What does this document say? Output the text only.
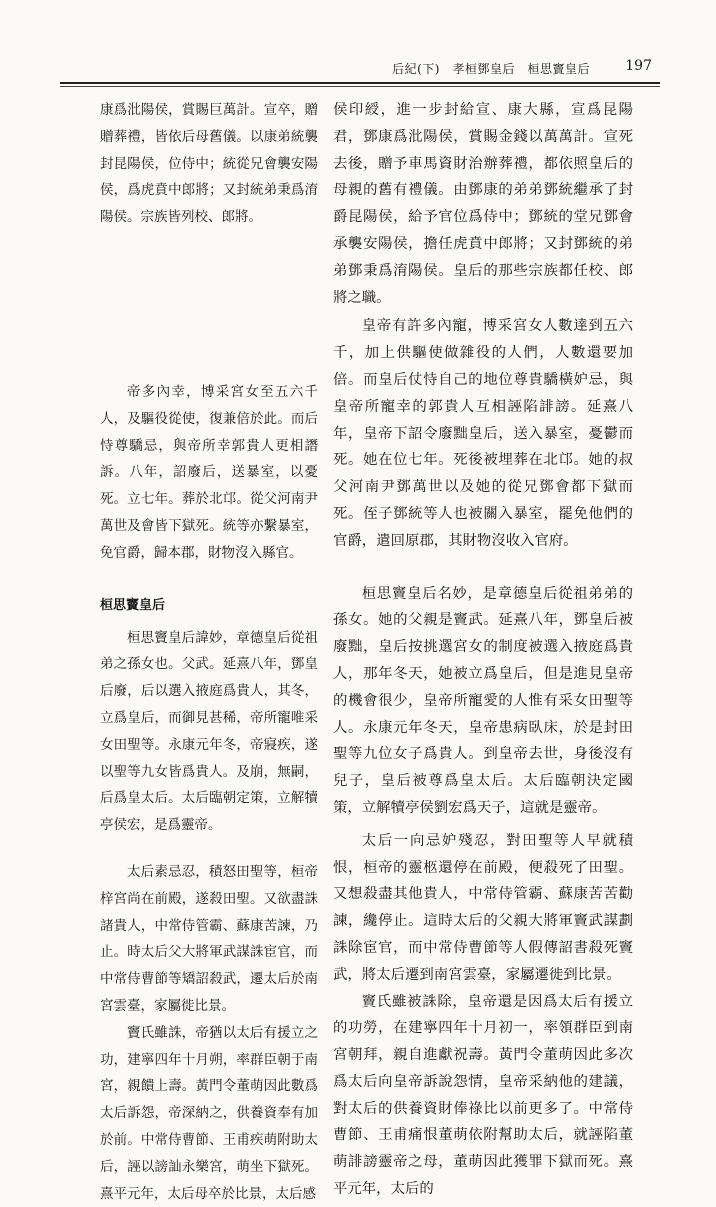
后紀(下)　孝桓鄧皇后　桓思竇皇后	197

康爲沘陽侯，賞賜巨萬計。宣卒，贈贈葬禮，皆依后母舊儀。以康弟統襲封昆陽侯，位侍中；統從兄會襲安陽侯，爲虎賁中郎將；又封統弟秉爲淯陽侯。宗族皆列校、郎將。

帝多內幸，博采宮女至五六千人，及驅役從使，復兼倍於此。而后恃尊驕忌，與帝所幸郭貴人更相譖訴。八年，詔廢后，送暴室，以憂死。立七年。葬於北邙。從父河南尹萬世及會皆下獄死。統等亦繫暴室，免官爵，歸本郡，財物沒入縣官。

桓思竇皇后

桓思竇皇后諱妙，章德皇后從祖弟之孫女也。父武。延熹八年，鄧皇后廢，后以選入掖庭爲貴人，其冬，立爲皇后，而御見甚稀，帝所寵唯采女田聖等。永康元年冬，帝寢疾，遂以聖等九女皆爲貴人。及崩，無嗣，后爲皇太后。太后臨朝定策，立解犢亭侯宏，是爲靈帝。

太后素忌忍，積怒田聖等，桓帝梓宮尚在前殿，遂殺田聖。又欲盡誅諸貴人，中常侍管霸、蘇康苦諫，乃止。時太后父大將軍武謀誅宦官，而中常侍曹節等矯詔殺武，遷太后於南宮雲臺，家屬徙比景。

竇氏雖誅，帝猶以太后有援立之功，建寧四年十月朔，率群臣朝于南宮，親饋上壽。黃門令董萌因此數爲太后訴怨，帝深納之，供養資奉有加於前。中常侍曹節、王甫疾萌附助太后，誣以謗訕永樂宮，萌坐下獄死。熹平元年，太后母卒於比景，太后感

侯印綬，進一步封給宣、康大縣，宣爲昆陽君，鄧康爲沘陽侯，賞賜金錢以萬萬計。宣死去後，贈予車馬資財治辦葬禮，都依照皇后的母親的舊有禮儀。由鄧康的弟弟鄧統繼承了封爵昆陽侯，給予官位爲侍中；鄧統的堂兄鄧會承襲安陽侯，擔任虎賁中郎將；又封鄧統的弟弟鄧秉爲淯陽侯。皇后的那些宗族都任校、郎將之職。

皇帝有許多內寵，博采宮女人數達到五六千，加上供驅使做雜役的人們，人數還要加倍。而皇后仗恃自己的地位尊貴驕橫妒忌，與皇帝所寵幸的郭貴人互相誣陷誹謗。延熹八年，皇帝下詔令廢黜皇后，送入暴室，憂鬱而死。她在位七年。死後被埋葬在北邙。她的叔父河南尹鄧萬世以及她的從兄鄧會都下獄而死。侄子鄧統等人也被關入暴室，罷免他們的官爵，遣回原郡，其財物沒收入官府。

桓思竇皇后名妙，是章德皇后從祖弟弟的孫女。她的父親是竇武。延熹八年，鄧皇后被廢黜，皇后按挑選宮女的制度被選入掖庭爲貴人，那年冬天，她被立爲皇后，但是進見皇帝的機會很少，皇帝所寵愛的人惟有采女田聖等人。永康元年冬天，皇帝患病臥床，於是封田聖等九位女子爲貴人。到皇帝去世，身後沒有兒子，皇后被尊爲皇太后。太后臨朝決定國策，立解犢亭侯劉宏爲天子，這就是靈帝。

太后一向忌妒殘忍，對田聖等人早就積恨，桓帝的靈柩還停在前殿，便殺死了田聖。又想殺盡其他貴人，中常侍管霸、蘇康苦苦勸諫，纔停止。這時太后的父親大將軍竇武謀劃誅除宦官，而中常侍曹節等人假傳詔書殺死竇武，將太后遷到南宮雲臺，家屬遷徙到比景。

竇氏雖被誅除，皇帝還是因爲太后有援立的功勞，在建寧四年十月初一，率領群臣到南宮朝拜，親自進獻祝壽。黃門令董萌因此多次爲太后向皇帝訴說怨情，皇帝采納他的建議，對太后的供養資財俸祿比以前更多了。中常侍曹節、王甫痛恨董萌依附幫助太后，就誣陷董萌誹謗靈帝之母，董萌因此獲罪下獄而死。熹平元年，太后的
